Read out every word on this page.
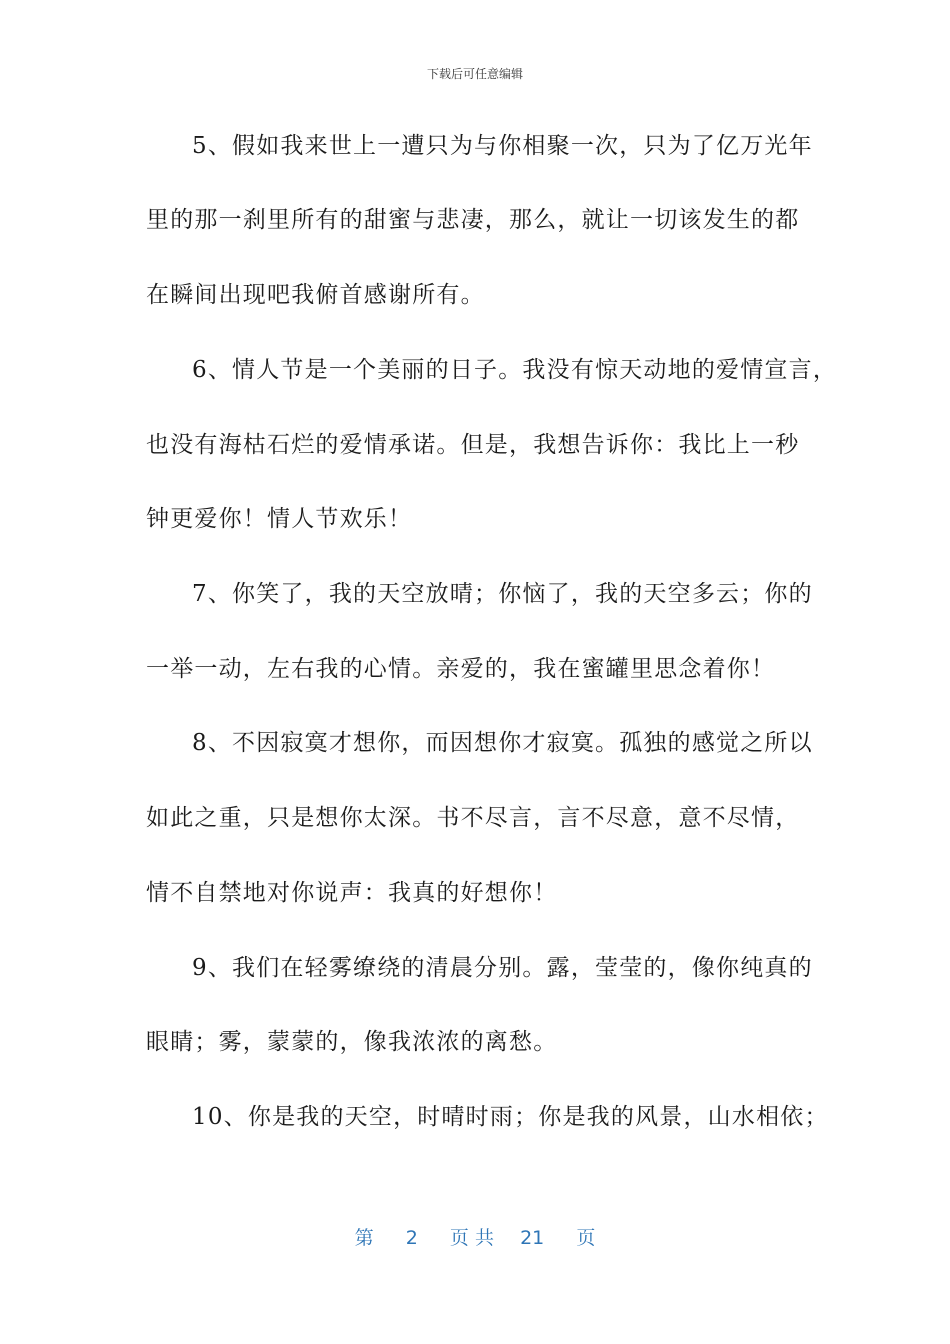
下载后可任意编辑
5、假如我来世上一遭只为与你相聚一次，只为了亿万光年
里的那一刹里所有的甜蜜与悲凄，那么，就让一切该发生的都
在瞬间出现吧我俯首感谢所有。
6、情人节是一个美丽的日子。我没有惊天动地的爱情宣言，
也没有海枯石烂的爱情承诺。但是，我想告诉你：我比上一秒
钟更爱你！情人节欢乐！
7、你笑了，我的天空放晴；你恼了，我的天空多云；你的
一举一动，左右我的心情。亲爱的，我在蜜罐里思念着你！
8、不因寂寞才想你，而因想你才寂寞。孤独的感觉之所以
如此之重，只是想你太深。书不尽言，言不尽意，意不尽情，
情不自禁地对你说声：我真的好想你！
9、我们在轻雾缭绕的清晨分别。露，莹莹的，像你纯真的
眼睛；雾，蒙蒙的，像我浓浓的离愁。
10、你是我的天空，时晴时雨；你是我的风景，山水相依；
第 2 页 共 21 页
